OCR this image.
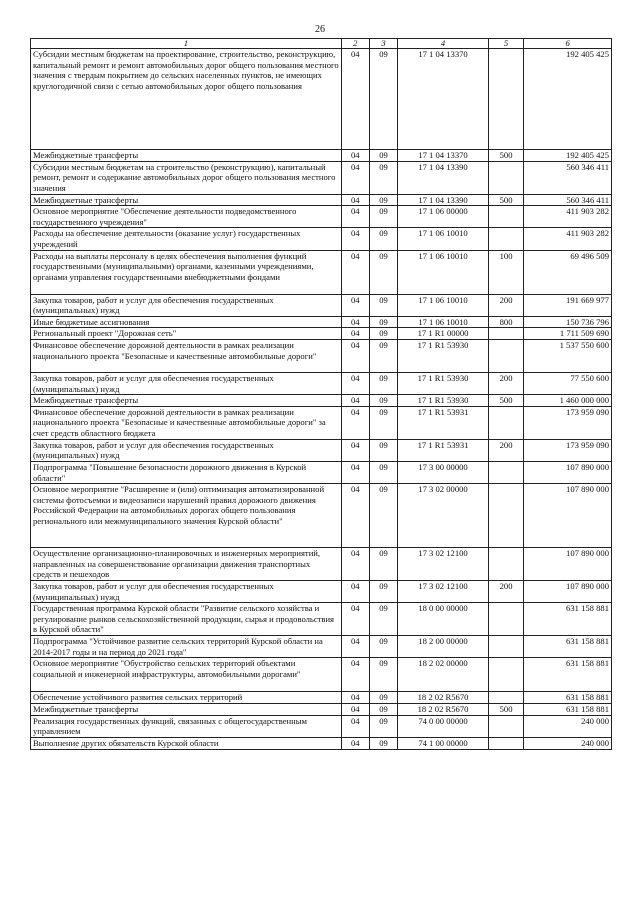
26
1	2	3	4	5	6
Субсидии местным бюджетам на проектирование, строительство, реконструкцию, капитальный ремонт и ремонт автомобильных дорог общего пользования местного значения с твердым покрытием до сельских населенных пунктов, не имеющих круглогодичной связи с сетью автомобильных дорог общего пользования	04	09	17 1 04 13370		192 405 425
Межбюджетные трансферты	04	09	17 1 04 13370	500	192 405 425
Субсидии местным бюджетам на строительство (реконструкцию), капитальный ремонт, ремонт и содержание автомобильных дорог общего пользования местного значения	04	09	17 1 04 13390		560 346 411
Межбюджетные трансферты	04	09	17 1 04 13390	500	560 346 411
Основное мероприятие "Обеспечение деятельности подведомственного государственного учреждения"	04	09	17 1 06 00000		411 903 282
Расходы на обеспечение деятельности (оказание услуг) государственных учреждений	04	09	17 1 06 10010		411 903 282
Расходы на выплаты персоналу в целях обеспечения выполнения функций государственными (муниципальными) органами, казенными учреждениями, органами управления государственными внебюджетными фондами	04	09	17 1 06 10010	100	69 496 509
Закупка товаров, работ и услуг для обеспечения государственных (муниципальных) нужд	04	09	17 1 06 10010	200	191 669 977
Иные бюджетные ассигнования	04	09	17 1 06 10010	800	150 736 796
Региональный проект "Дорожная сеть"	04	09	17 1 R1 00000		1 711 509 690
Финансовое обеспечение дорожной деятельности в рамках реализации национального проекта "Безопасные и качественные автомобильные дороги"	04	09	17 1 R1 53930		1 537 550 600
Закупка товаров, работ и услуг для обеспечения государственных (муниципальных) нужд	04	09	17 1 R1 53930	200	77 550 600
Межбюджетные трансферты	04	09	17 1 R1 53930	500	1 460 000 000
Финансовое обеспечение дорожной деятельности в рамках реализации национального проекта "Безопасные и качественные автомобильные дороги" за счет средств областного бюджета	04	09	17 1 R1 53931		173 959 090
Закупка товаров, работ и услуг для обеспечения государственных (муниципальных) нужд	04	09	17 1 R1 53931	200	173 959 090
Подпрограмма "Повышение безопасности дорожного движения в Курской области"	04	09	17 3 00 00000		107 890 000
Основное мероприятие "Расширение и (или) оптимизация автоматизированной системы фотосъемки и видеозаписи нарушений правил дорожного движения Российской Федерации на автомобильных дорогах общего пользования регионального или межмуниципального значения Курской области"	04	09	17 3 02 00000		107 890 000
Осуществление организационно-планировочных и инженерных мероприятий, направленных на совершенствование организации движения транспортных средств и пешеходов	04	09	17 3 02 12100		107 890 000
Закупка товаров, работ и услуг для обеспечения государственных (муниципальных) нужд	04	09	17 3 02 12100	200	107 890 000
Государственная программа Курской области "Развитие сельского хозяйства и регулирование рынков сельскохозяйственной продукции, сырья и продовольствия в Курской области"	04	09	18 0 00 00000		631 158 881
Подпрограмма "Устойчивое развитие сельских территорий Курской области на 2014-2017 годы и на период до 2021 года"	04	09	18 2 00 00000		631 158 881
Основное мероприятие "Обустройство сельских территорий объектами социальной и инженерной инфраструктуры, автомобильными дорогами"	04	09	18 2 02 00000		631 158 881
Обеспечение устойчивого развития сельских территорий	04	09	18 2 02 R5670		631 158 881
Межбюджетные трансферты	04	09	18 2 02 R5670	500	631 158 881
Реализация государственных функций, связанных с общегосударственным управлением	04	09	74 0 00 00000		240 000
Выполнение других обязательств Курской области	04	09	74 1 00 00000		240 000
